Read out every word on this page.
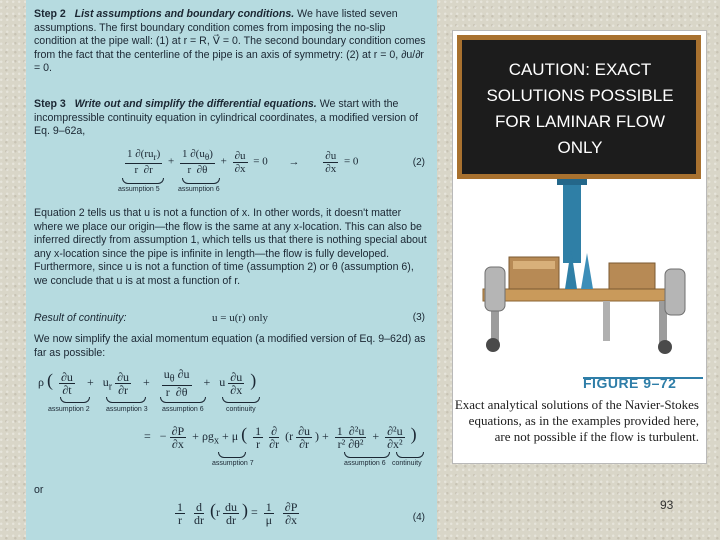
Step 2 List assumptions and boundary conditions. We have listed seven assumptions. The first boundary condition comes from imposing the no-slip condition at the pipe wall: (1) at r = R, V⃗ = 0. The second boundary condition comes from the fact that the centerline of the pipe is an axis of symmetry: (2) at r = 0, ∂u/∂r = 0.

Step 3 Write out and simplify the differential equations. We start with the incompressible continuity equation in cylindrical coordinates, a modified version of Eq. 9–62a,

$\frac{1 \partial(ru_r)}{r \partial r} + \frac{1 \partial(u_\theta)}{r \partial\theta} + \frac{\partial u}{\partial x} = 0 \to \frac{\partial u}{\partial x} = 0$
assumption 5	assumption 6
(2)

Equation 2 tells us that u is not a function of x. In other words, it doesn't matter where we place our origin—the flow is the same at any x-location. This can also be inferred directly from assumption 1, which tells us that there is nothing special about any x-location since the pipe is infinite in length—the flow is fully developed. Furthermore, since u is not a function of time (assumption 2) or θ (assumption 6), we conclude that u is at most a function of r.

Result of continuity:	u = u(r) only	(3)

We now simplify the axial momentum equation (a modified version of Eq. 9–62d) as far as possible:

ρ ( $\frac{\partial u}{\partial t} + u_r \frac{\partial u}{\partial r} + \frac{u_\theta \partial u}{r \partial\theta} + u \frac{\partial u}{\partial x}$ )
assumption 2 assumption 3 assumption 6	continuity
= − $\frac{\partial P}{\partial x} + \rho g_x + \mu$ ( $\frac{1}{r} \frac{\partial}{\partial r} (r \frac{\partial u}{\partial r}$ ) + $\frac{\text{1  ∂²u}}{\text{r² ∂θ²}} + \frac{\text{∂²u}}{\text{∂x²}}$ )
assumption 7	assumption 6 continuity
or
$\frac{1}{r}$
$\frac{d}{dr} (r \frac{du}{dr}$ ) = $\frac{1}{\mu}$
$\frac{\partial P}{\partial x}$	(4)
CAUTION: EXACT
SOLUTIONS POSSIBLE
FOR LAMINAR FLOW
ONLY
FIGURE 9–72
Exact analytical solutions of the Navier-Stokes equations, as in the examples provided here, are not possible if the flow is turbulent.
93
